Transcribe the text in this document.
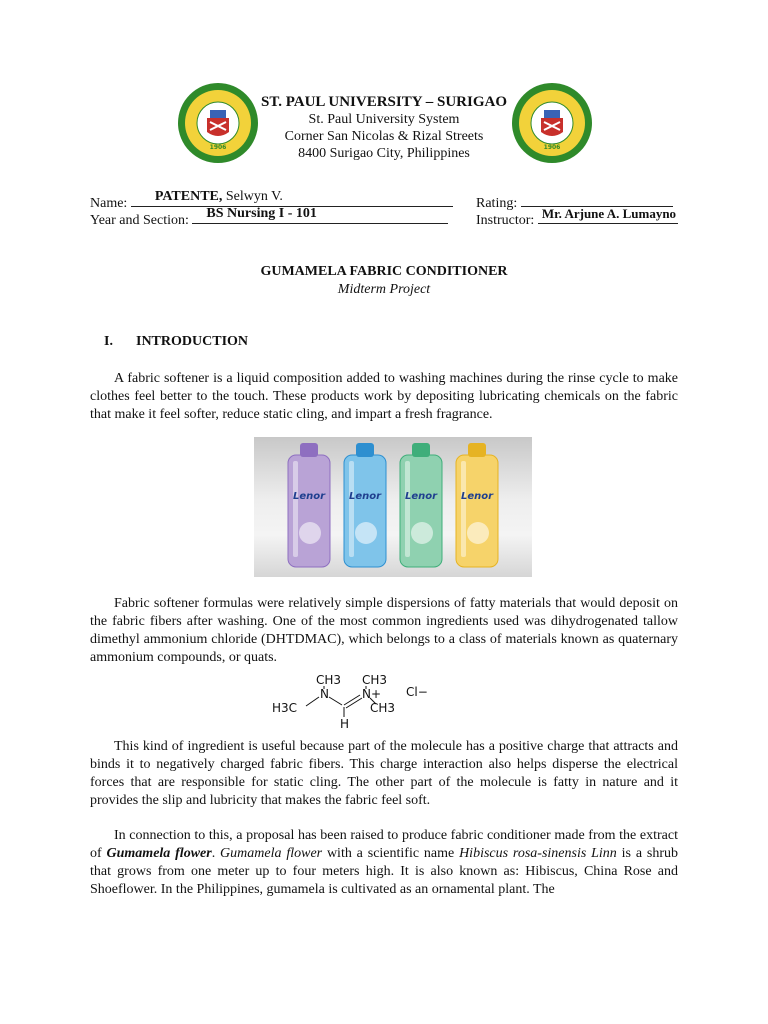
1906	1906
ST. PAUL UNIVERSITY – SURIGAO
St. Paul University System
Corner San Nicolas & Rizal Streets
8400 Surigao City, Philippines
Name: PATENTE, Selwyn V.	Rating:
Year and Section: BS Nursing I - 101	Instructor: Mr. Arjune A. Lumayno
GUMAMELA FABRIC CONDITIONER
Midterm Project
I. INTRODUCTION
A fabric softener is a liquid composition added to washing machines during the rinse cycle to make clothes feel better to the touch. These products work by depositing lubricating chemicals on the fabric that make it feel softer, reduce static cling, and impart a fresh fragrance.
Lenor Lenor Lenor Lenor
Fabric softener formulas were relatively simple dispersions of fatty materials that would deposit on the fabric fibers after washing. One of the most common ingredients used was dihydrogenated tallow dimethyl ammonium chloride (DHTDMAC), which belongs to a class of materials known as quaternary ammonium compounds, or quats.
CH3 CH3
N	N+ Cl−
H3C	CH3
H
This kind of ingredient is useful because part of the molecule has a positive charge that attracts and binds it to negatively charged fabric fibers. This charge interaction also helps disperse the electrical forces that are responsible for static cling. The other part of the molecule is fatty in nature and it provides the slip and lubricity that makes the fabric feel soft.
In connection to this, a proposal has been raised to produce fabric conditioner made from the extract of Gumamela flower. Gumamela flower with a scientific name Hibiscus rosa-sinensis Linn is a shrub that grows from one meter up to four meters high. It is also known as: Hibiscus, China Rose and Shoeflower. In the Philippines, gumamela is cultivated as an ornamental plant. The
